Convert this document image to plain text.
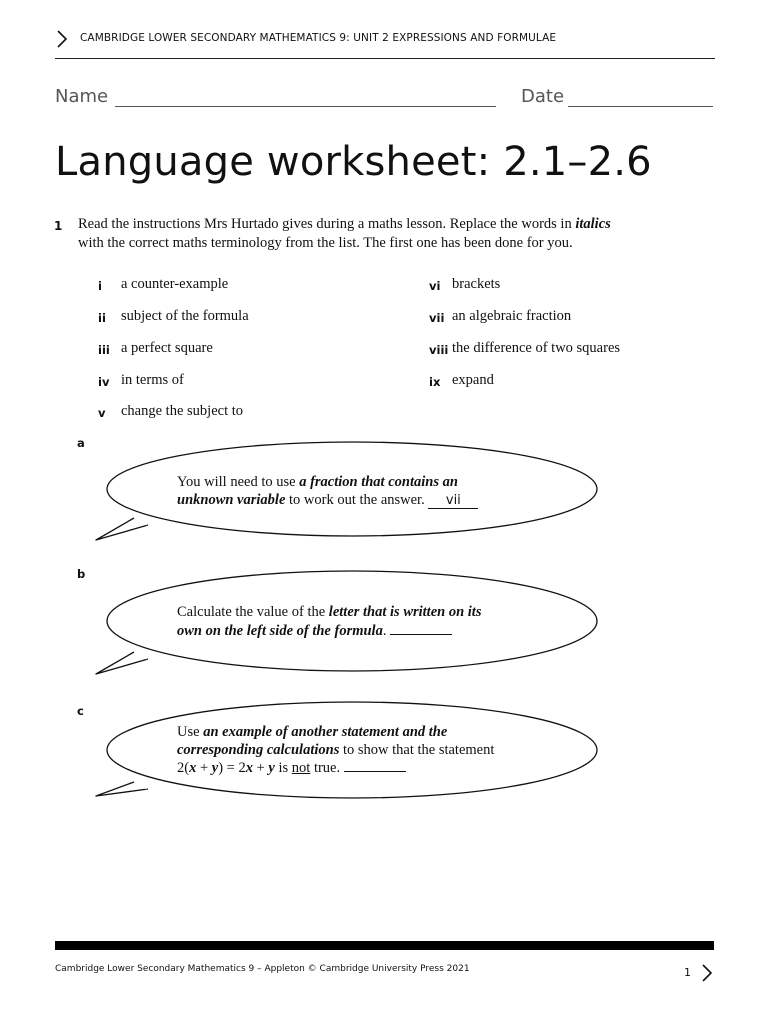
CAMBRIDGE LOWER SECONDARY MATHEMATICS 9: UNIT 2 EXPRESSIONS AND FORMULAE
Name	Date
Language worksheet: 2.1–2.6
1 Read the instructions Mrs Hurtado gives during a maths lesson. Replace the words in italics
with the correct maths terminology from the list. The first one has been done for you.
i a counter-example
ii subject of the formula
iii a perfect square
iv in terms of
v change the subject to
vi brackets
vii an algebraic fraction
viii the difference of two squares
ix expand
a
You will need to use a fraction that contains an unknown variable to work out the answer. vii
b
Calculate the value of the letter that is written on its own on the left side of the formula.
c
Use an example of another statement and the corresponding calculations to show that the statement 2(x + y) = 2x + y is not true.
Cambridge Lower Secondary Mathematics 9 – Appleton © Cambridge University Press 2021	1
